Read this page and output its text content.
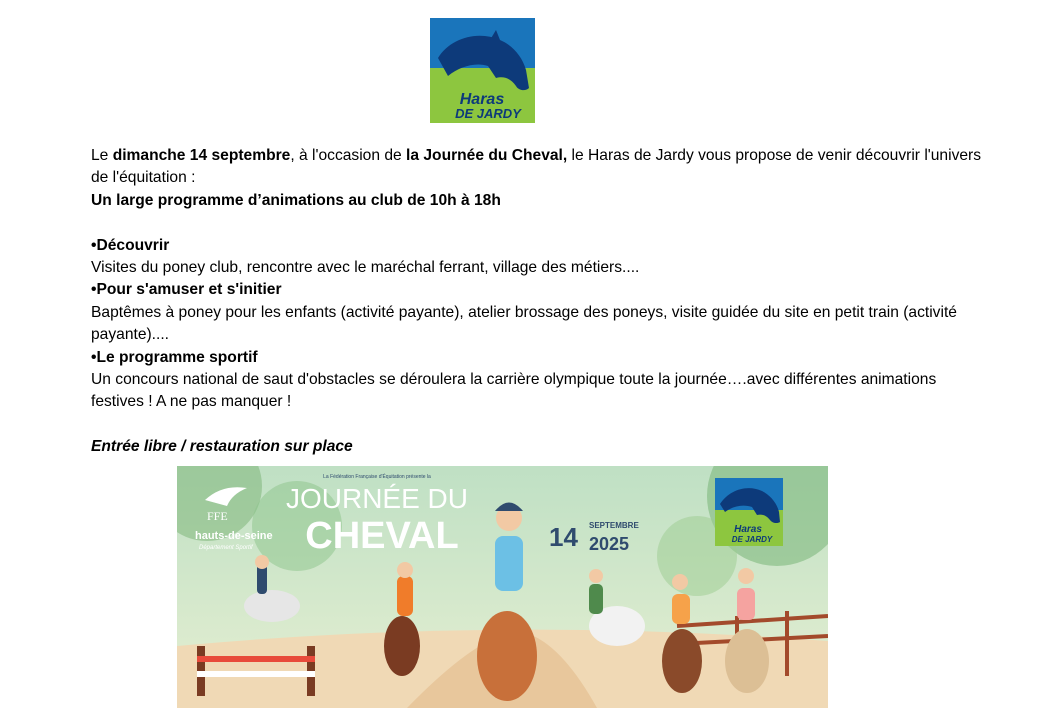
Haras
DE JARDY

Le dimanche 14 septembre, à l'occasion de la Journée du Cheval, le Haras de Jardy vous propose de venir découvrir l'univers de l'équitation :

Un large programme d’animations au club de 10h à 18h

•Découvrir

Visites du poney club, rencontre avec le maréchal ferrant, village des métiers....

•Pour s'amuser et s'initier

Baptêmes à poney pour les enfants (activité payante), atelier brossage des poneys, visite guidée du site en petit train (activité payante)....

•Le programme sportif

Un concours national de saut d'obstacles se déroulera la carrière olympique toute la journée….avec différentes animations festives ! A ne pas manquer !

Entrée libre / restauration sur place

FFE
hauts-de-seine
Département Sportif
La Fédération Française d'Équitation présente la
JOURNÉE DU
CHEVAL	14 SEPTEMBRE
2025
Haras
DE JARDY
